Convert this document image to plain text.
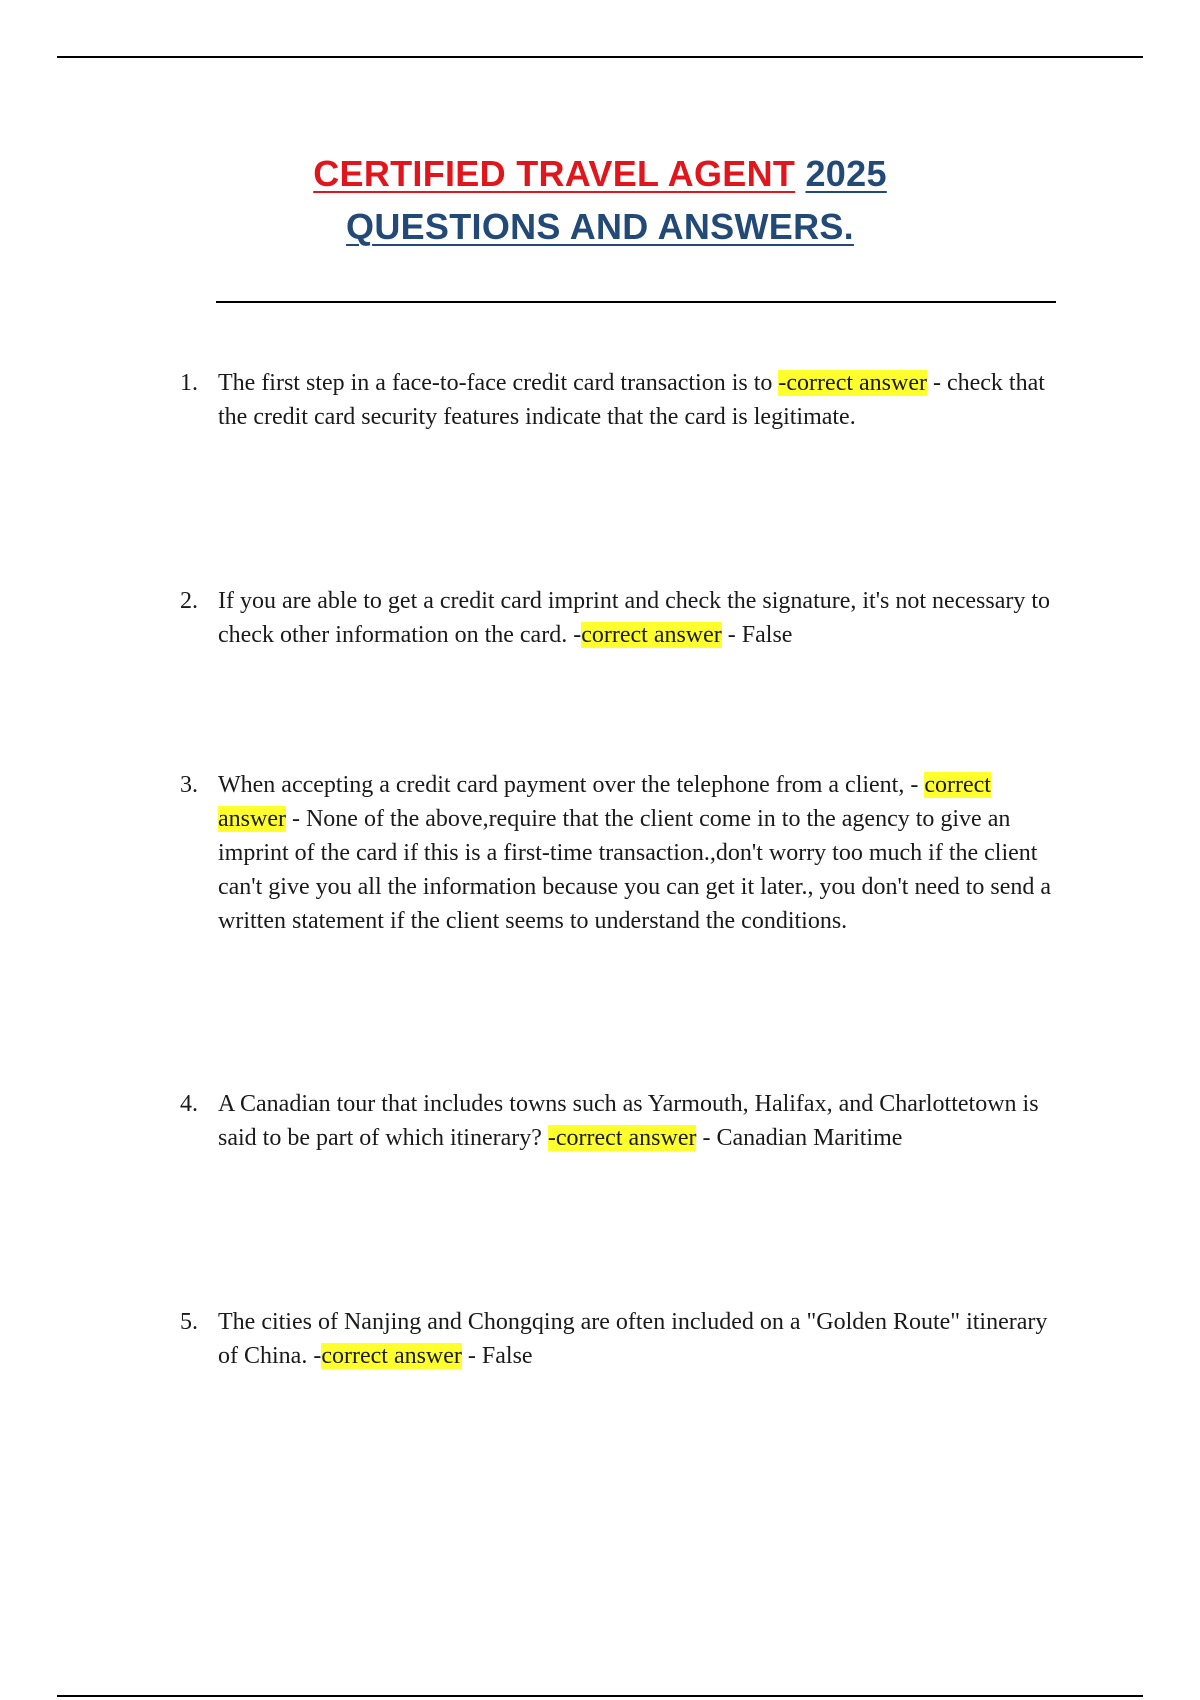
CERTIFIED TRAVEL AGENT 2025
QUESTIONS AND ANSWERS.
1. The first step in a face-to-face credit card transaction is to -correct answer - check that the credit card security features indicate that the card is legitimate.
2. If you are able to get a credit card imprint and check the signature, it's not necessary to check other information on the card. -correct answer - False
3. When accepting a credit card payment over the telephone from a client, - correct answer - None of the above,require that the client come in to the agency to give an imprint of the card if this is a first-time transaction.,don't worry too much if the client can't give you all the information because you can get it later., you don't need to send a written statement if the client seems to understand the conditions.
4. A Canadian tour that includes towns such as Yarmouth, Halifax, and Charlottetown is said to be part of which itinerary? -correct answer - Canadian Maritime
5. The cities of Nanjing and Chongqing are often included on a "Golden Route" itinerary of China. -correct answer - False
